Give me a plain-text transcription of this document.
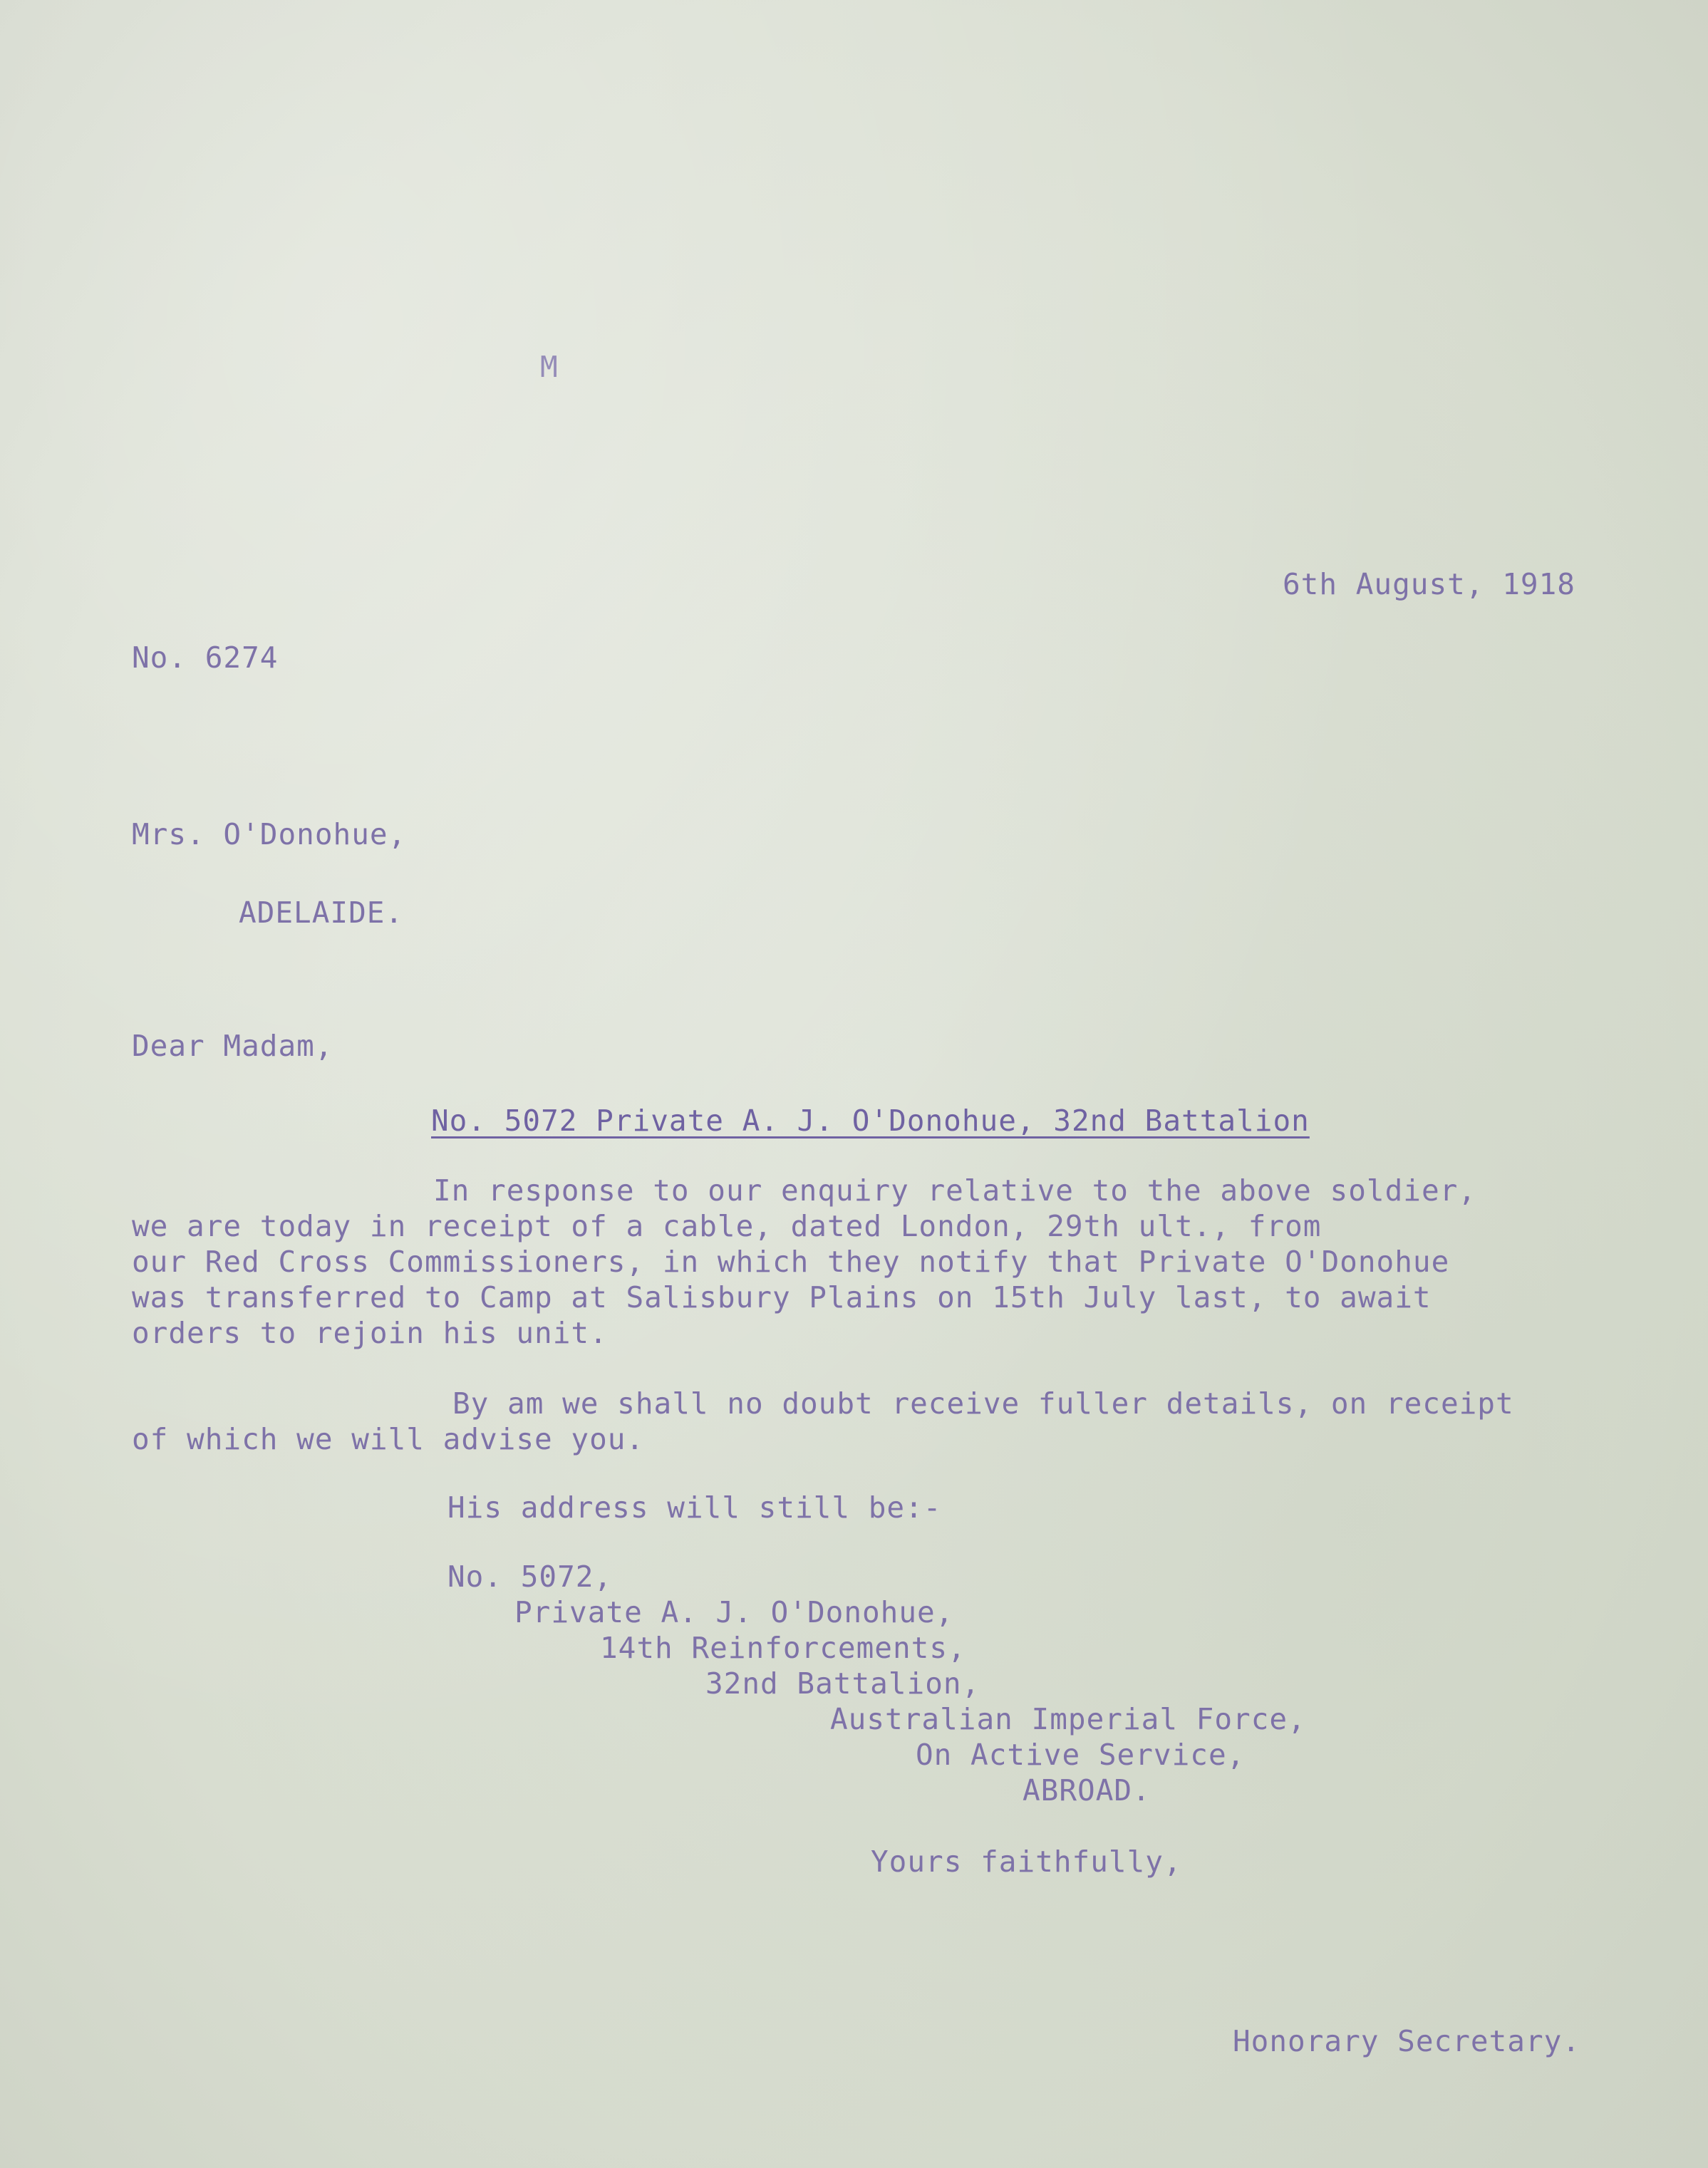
M
6th August, 1918
No. 6274
Mrs. O'Donohue,
ADELAIDE.
Dear Madam,
No. 5072 Private A. J. O'Donohue, 32nd Battalion
In response to our enquiry relative to the above soldier,
we are today in receipt of a cable, dated London, 29th ult., from
our Red Cross Commissioners, in which they notify that Private O'Donohue
was transferred to Camp at Salisbury Plains on 15th July last, to await
orders to rejoin his unit.
By am we shall no doubt receive fuller details, on receipt
of which we will advise you.
His address will still be:-
No. 5072,
Private A. J. O'Donohue,
14th Reinforcements,
32nd Battalion,
Australian Imperial Force,
On Active Service,
ABROAD.
Yours faithfully,
Honorary Secretary.
